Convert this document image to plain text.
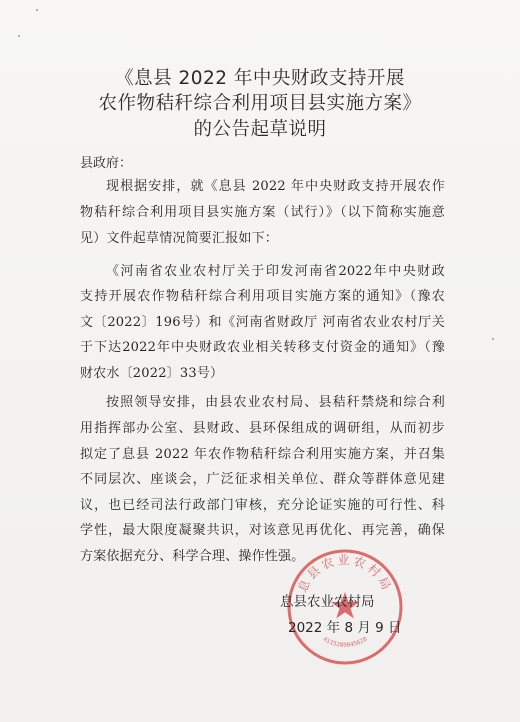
《息县 2022 年中央财政支持开展
农作物秸秆综合利用项目县实施方案》
的公告起草说明
县政府：
现根据安排，就《息县 2022 年中央财政支持开展农作
物秸秆综合利用项目县实施方案（试行）》（以下简称实施意
见）文件起草情况简要汇报如下：
《河南省农业农村厅关于印发河南省2022年中央财政
支持开展农作物秸秆综合利用项目实施方案的通知》（豫农
文〔2022〕196号）和《河南省财政厅 河南省农业农村厅关
于下达2022年中央财政农业相关转移支付资金的通知》（豫
财农水〔2022〕33号）
按照领导安排，由县农业农村局、县秸秆禁烧和综合利
用指挥部办公室、县财政、县环保组成的调研组，从而初步
拟定了息县 2022 年农作物秸秆综合利用实施方案，并召集
不同层次、座谈会，广泛征求相关单位、群众等群体意见建
议，也已经司法行政部门审核，充分论证实施的可行性、科
学性，最大限度凝聚共识，对该意见再优化、再完善，确保
方案依据充分、科学合理、操作性强。
息县农业农村局
4115280045628
息县农业农村局
2022 年 8 月 9 日
